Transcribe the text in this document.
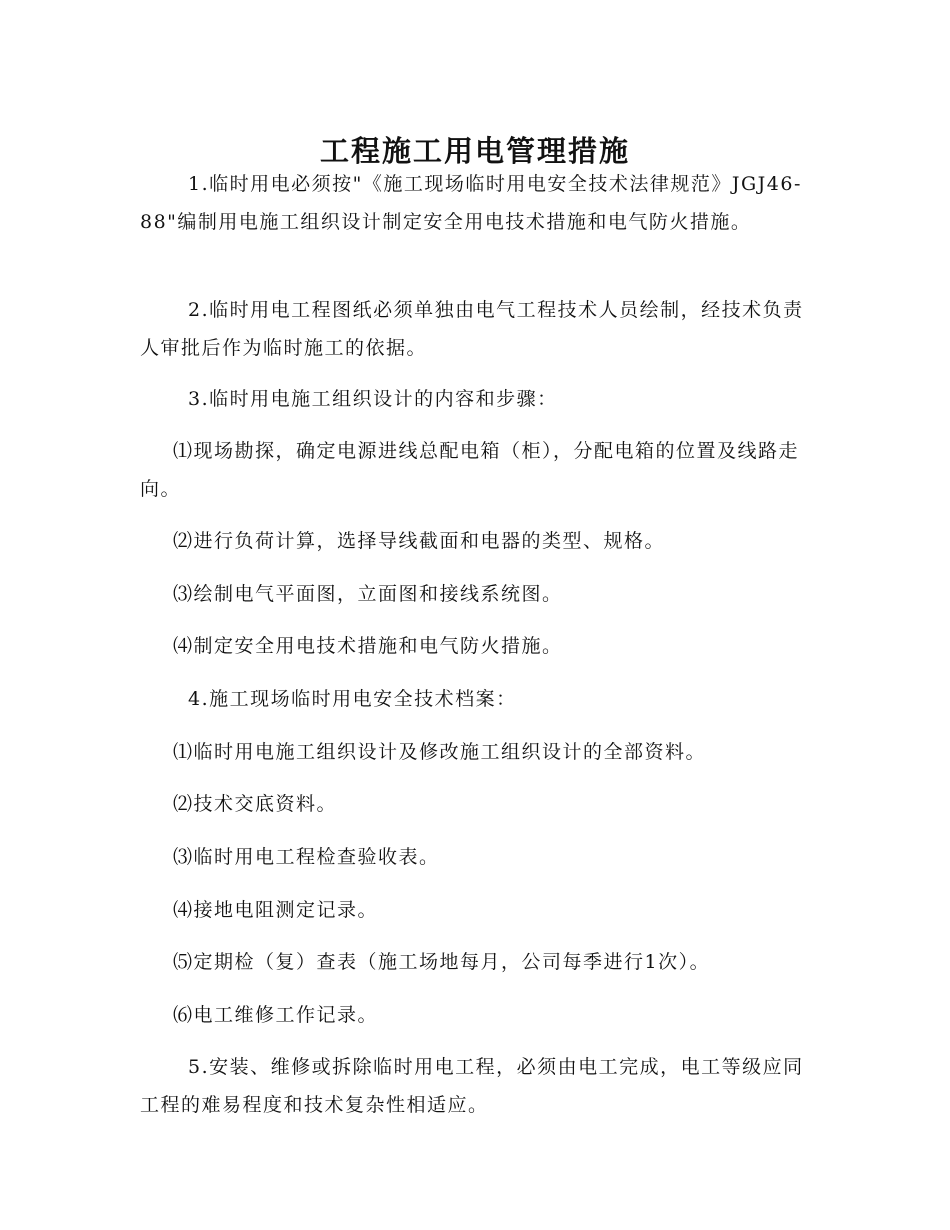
工程施工用电管理措施

1.临时用电必须按"《施工现场临时用电安全技术法律规范》JGJ46-88"编制用电施工组织设计制定安全用电技术措施和电气防火措施。

2.临时用电工程图纸必须单独由电气工程技术人员绘制，经技术负责人审批后作为临时施工的依据。

3.临时用电施工组织设计的内容和步骤：

⑴现场勘探，确定电源进线总配电箱（柜），分配电箱的位置及线路走向。

⑵进行负荷计算，选择导线截面和电器的类型、规格。

⑶绘制电气平面图，立面图和接线系统图。

⑷制定安全用电技术措施和电气防火措施。

4.施工现场临时用电安全技术档案：

⑴临时用电施工组织设计及修改施工组织设计的全部资料。

⑵技术交底资料。

⑶临时用电工程检查验收表。

⑷接地电阻测定记录。

⑸定期检（复）查表（施工场地每月，公司每季进行1次）。

⑹电工维修工作记录。

5.安装、维修或拆除临时用电工程，必须由电工完成，电工等级应同工程的难易程度和技术复杂性相适应。
